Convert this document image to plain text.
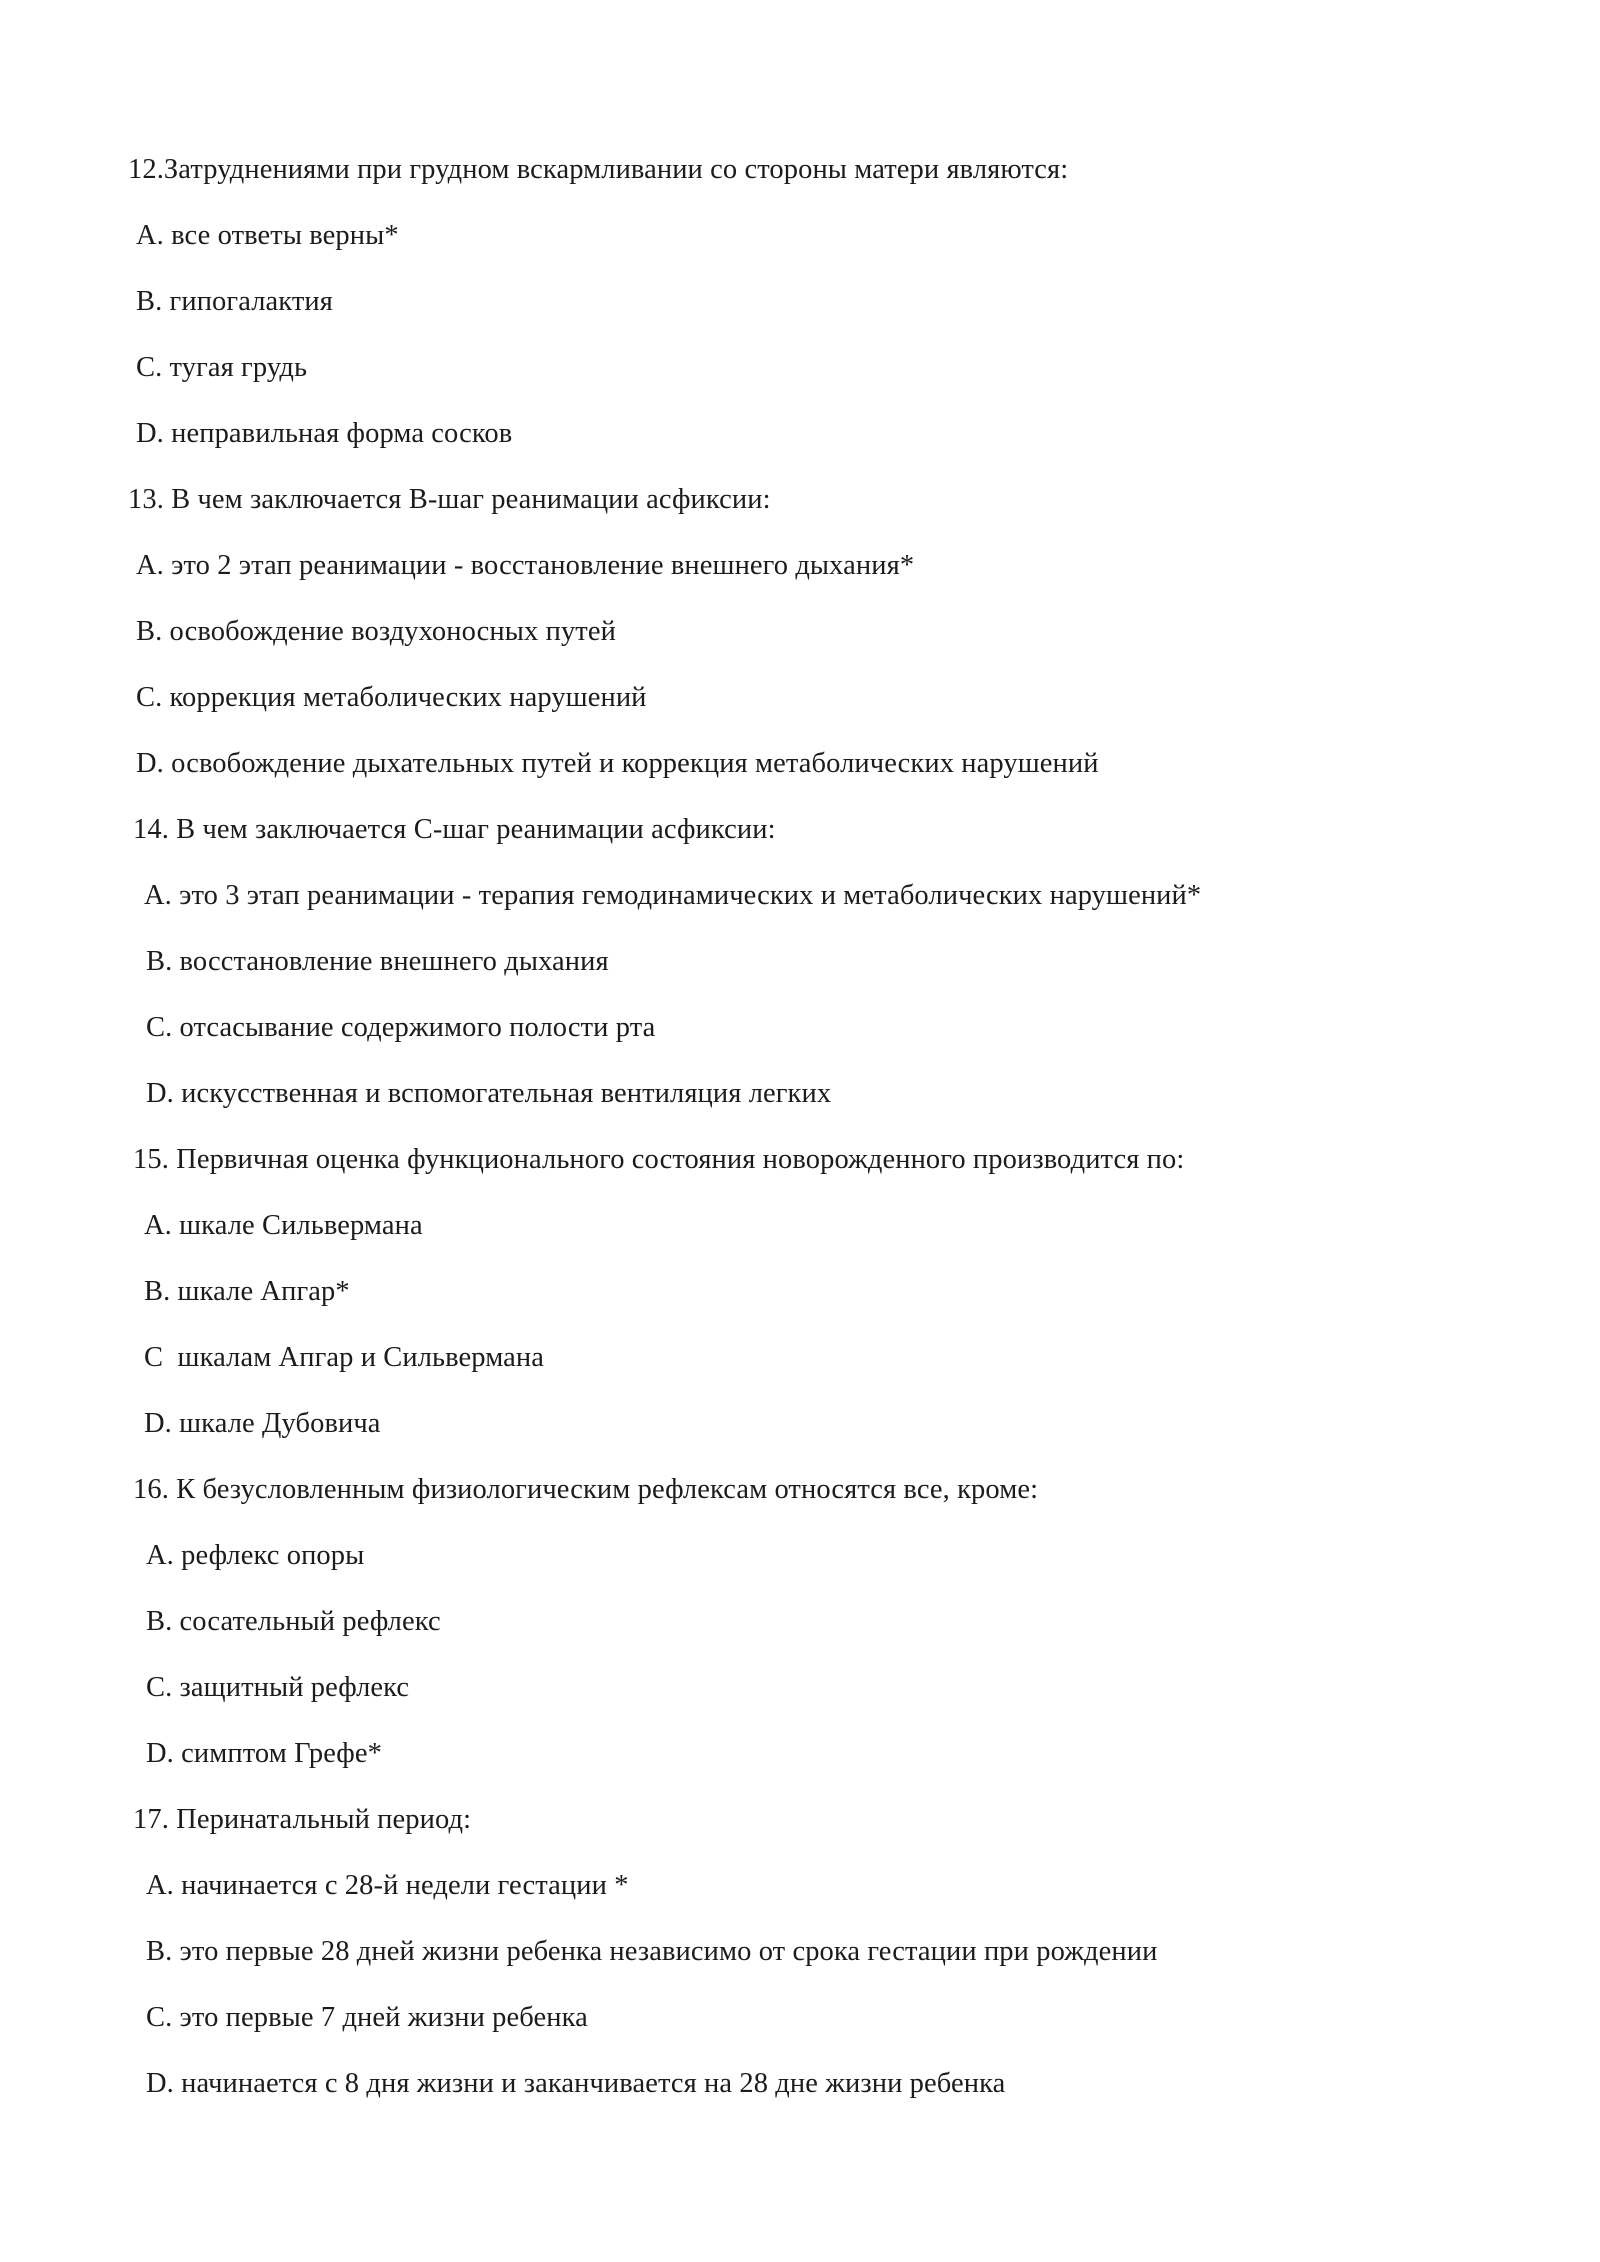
12.Затруднениями при грудном вскармливании со стороны матери являются:
A. все ответы верны*
B. гипогалактия
C. тугая грудь
D. неправильная форма сосков
13. В чем заключается B-шаг реанимации асфиксии:
A. это 2 этап реанимации - восстановление внешнего дыхания*
B. освобождение воздухоносных путей
C. коррекция метаболических нарушений
D. освобождение дыхательных путей и коррекция метаболических нарушений
14. В чем заключается С-шаг реанимации асфиксии:
A. это 3 этап реанимации - терапия гемодинамических и метаболических нарушений*
B. восстановление внешнего дыхания
C. отсасывание содержимого полости рта
D. искусственная и вспомогательная вентиляция легких
15. Первичная оценка функционального состояния новорожденного производится по:
A. шкале Сильвермана
B. шкале Апгар*
C  шкалам Апгар и Сильвермана
D. шкале Дубовича
16. К безусловленным физиологическим рефлексам относятся все, кроме:
A. рефлекс опоры
B. сосательный рефлекс
C. защитный рефлекс
D. симптом Грефе*
17. Перинатальный период:
A. начинается с 28-й недели гестации *
B. это первые 28 дней жизни ребенка независимо от срока гестации при рождении
C. это первые 7 дней жизни ребенка
D. начинается с 8 дня жизни и заканчивается на 28 дне жизни ребенка
